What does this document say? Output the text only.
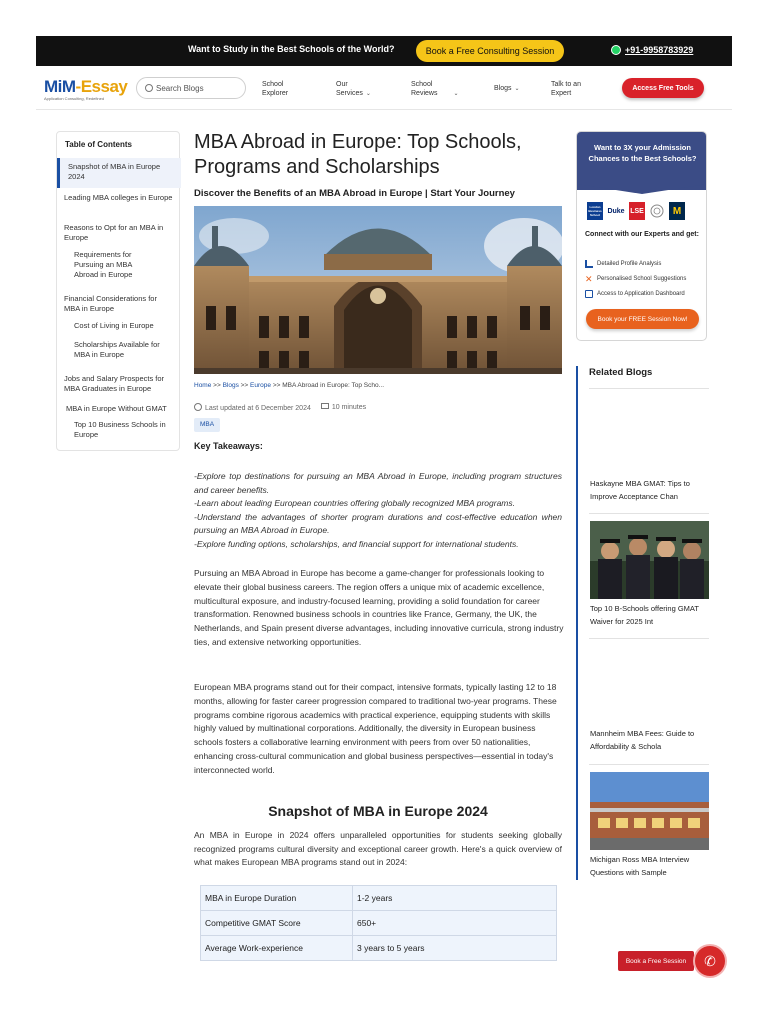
Want to Study in the Best Schools of the World?	Book a Free Consulting Session	+91-9958783929
MiM-Essay
Application Consulting, Redefined
Search Blogs	School
Explorer
Our
Services ⌄
School
Reviews	⌄
Blogs ⌄
Talk to an
Expert
Access Free Tools
Table of Contents
Snapshot of MBA in Europe 2024
Leading MBA colleges in Europe
Reasons to Opt for an MBA in Europe
Requirements for Pursuing an MBA Abroad in Europe
Financial Considerations for MBA in Europe
Cost of Living in Europe
Scholarships Available for MBA in Europe
Jobs and Salary Prospects for MBA Graduates in Europe
MBA in Europe Without GMAT
Top 10 Business Schools in Europe
MBA Abroad in Europe: Top Schools, Programs and Scholarships
Discover the Benefits of an MBA Abroad in Europe | Start Your Journey
Home >> Blogs >> Europe >> MBA Abroad in Europe: Top Scho...
Last updated at 6 December 2024	10 minutes
MBA
Key Takeaways:
-Explore top destinations for pursuing an MBA Abroad in Europe, including program structures and career benefits.
-Learn about leading European countries offering globally recognized MBA programs.
-Understand the advantages of shorter program durations and cost-effective education when pursuing an MBA Abroad in Europe.
-Explore funding options, scholarships, and financial support for international students.

Pursuing an MBA Abroad in Europe has become a game-changer for professionals looking to elevate their global business careers. The region offers a unique mix of academic excellence, multicultural exposure, and industry-focused learning, providing a solid foundation for career transformation. Renowned business schools in countries like France, Germany, the UK, the Netherlands, and Spain present diverse advantages, including innovative curricula, strong industry ties, and extensive networking opportunities.

European MBA programs stand out for their compact, intensive formats, typically lasting 12 to 18 months, allowing for faster career progression compared to traditional two-year programs. These programs combine rigorous academics with practical experience, equipping students with skills highly valued by multinational corporations. Additionally, the diversity in European business schools fosters a collaborative learning environment with peers from over 50 nationalities, enhancing cross-cultural communication and global business perspectives—essential in today's interconnected world.

Snapshot of MBA in Europe 2024

An MBA in Europe in 2024 offers unparalleled opportunities for students seeking globally recognized programs cultural diversity and exceptional career growth. Here's a quick overview of what makes European MBA programs stand out in 2024:

MBA in Europe Duration	1-2 years
Competitive GMAT Score	650+
Average Work-experience	3 years to 5 years
Want to 3X your Admission Chances to the Best Schools?
London Business School
Duke LSE	M
Connect with our Experts and get:
Detailed Profile Analysis
✕ Personalised School Suggestions
Access to Application Dashboard
Book your FREE Session Now!
Related Blogs
Haskayne MBA GMAT: Tips to Improve Acceptance Chan
Top 10 B-Schools offering GMAT Waiver for 2025 Int
Mannheim MBA Fees: Guide to Affordability & Schola
Michigan Ross MBA Interview Questions with Sample
Book a Free Session	✆
